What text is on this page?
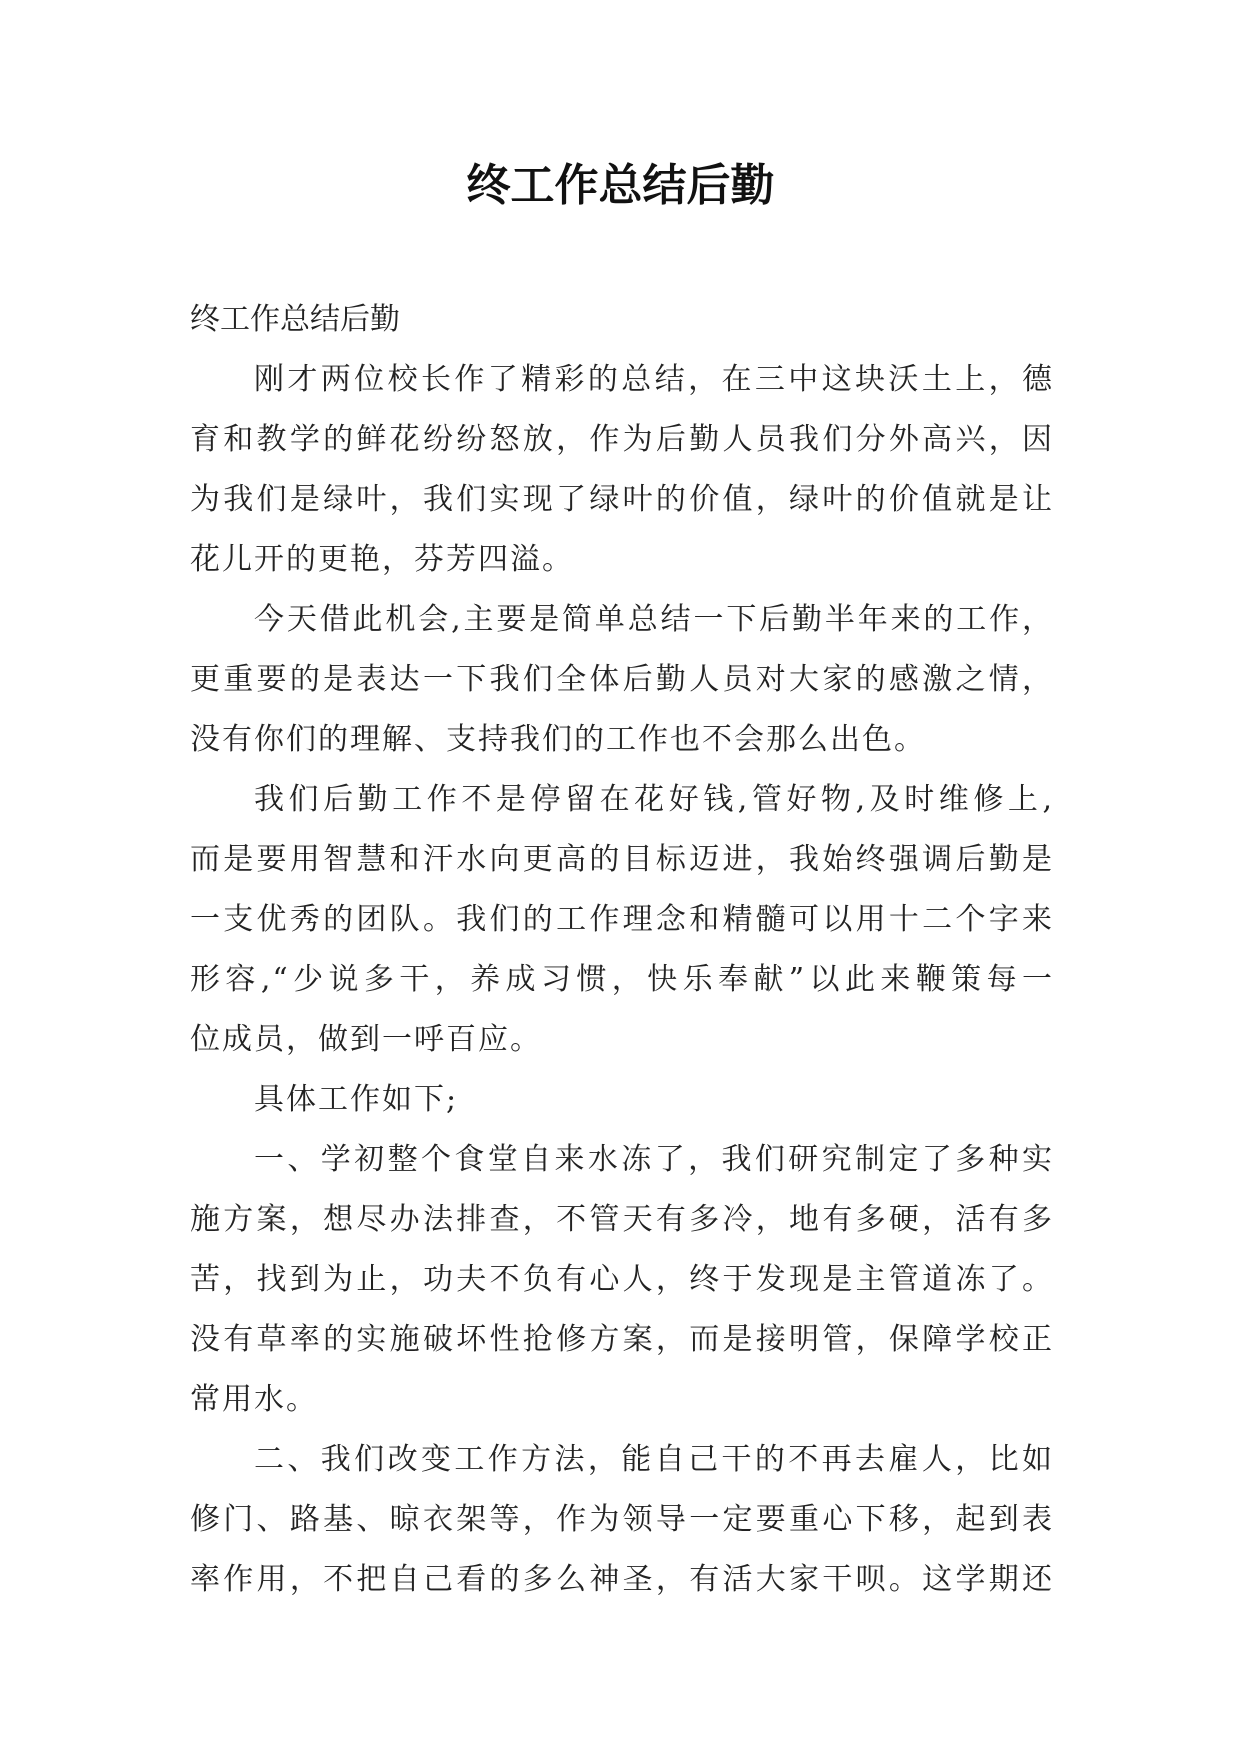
终工作总结后勤

终工作总结后勤

刚才两位校长作了精彩的总结，在三中这块沃土上，德
育和教学的鲜花纷纷怒放，作为后勤人员我们分外高兴，因
为我们是绿叶，我们实现了绿叶的价值，绿叶的价值就是让
花儿开的更艳，芬芳四溢。

今天借此机会,主要是简单总结一下后勤半年来的工作，
更重要的是表达一下我们全体后勤人员对大家的感激之情，
没有你们的理解、支持我们的工作也不会那么出色。

我们后勤工作不是停留在花好钱,管好物,及时维修上,
而是要用智慧和汗水向更高的目标迈进，我始终强调后勤是
一支优秀的团队。我们的工作理念和精髓可以用十二个字来
形容,“少说多干，养成习惯，快乐奉献”以此来鞭策每一
位成员，做到一呼百应。

具体工作如下;

一、学初整个食堂自来水冻了，我们研究制定了多种实
施方案，想尽办法排查，不管天有多冷，地有多硬，活有多
苦，找到为止，功夫不负有心人，终于发现是主管道冻了。
没有草率的实施破坏性抢修方案，而是接明管，保障学校正
常用水。

二、我们改变工作方法，能自己干的不再去雇人，比如
修门、路基、晾衣架等，作为领导一定要重心下移，起到表
率作用，不把自己看的多么神圣，有活大家干呗。这学期还
